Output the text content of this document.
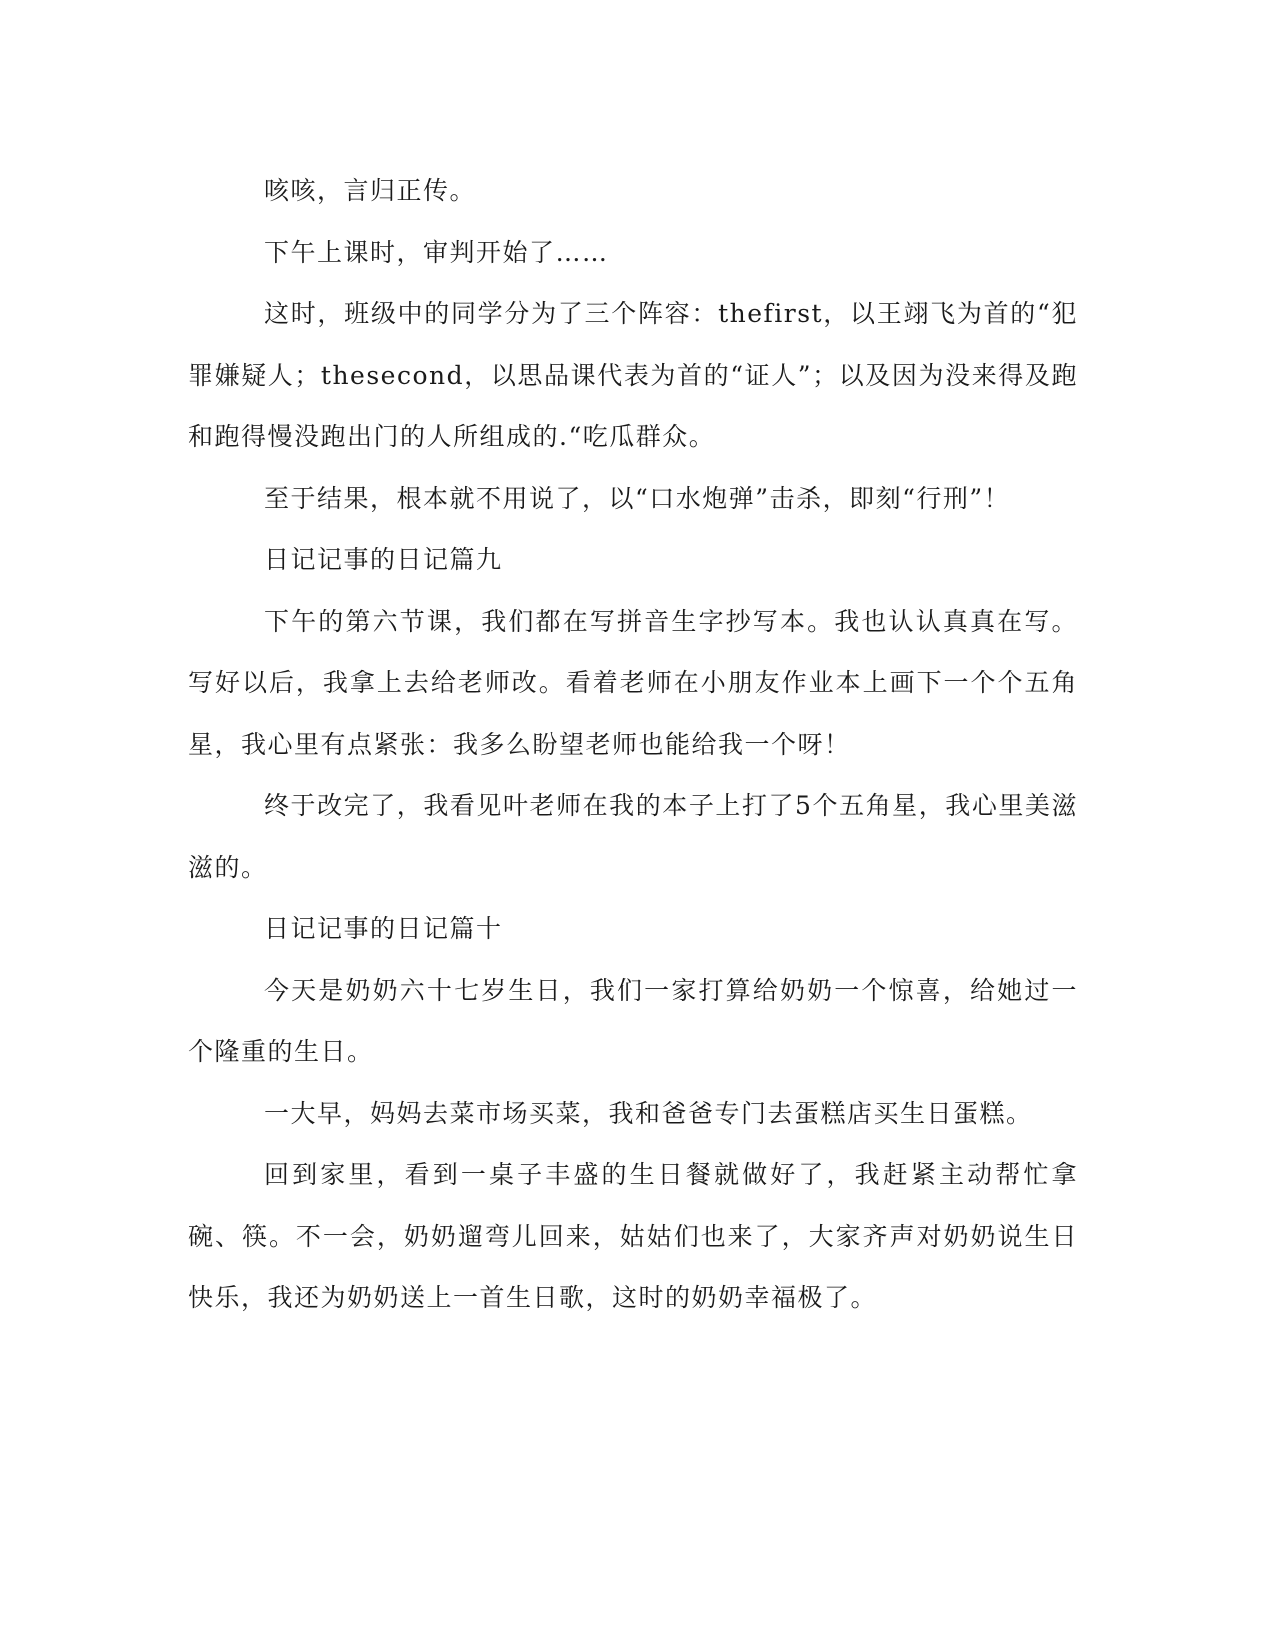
咳咳，言归正传。

下午上课时，审判开始了……

这时，班级中的同学分为了三个阵容：thefirst，以王翊飞为首的“犯罪嫌疑人；thesecond，以思品课代表为首的“证人”；以及因为没来得及跑和跑得慢没跑出门的人所组成的.“吃瓜群众。

至于结果，根本就不用说了，以“口水炮弹”击杀，即刻“行刑”！

日记记事的日记篇九

下午的第六节课，我们都在写拼音生字抄写本。我也认认真真在写。写好以后，我拿上去给老师改。看着老师在小朋友作业本上画下一个个五角星，我心里有点紧张：我多么盼望老师也能给我一个呀！

终于改完了，我看见叶老师在我的本子上打了5个五角星，我心里美滋滋的。

日记记事的日记篇十

今天是奶奶六十七岁生日，我们一家打算给奶奶一个惊喜，给她过一个隆重的生日。

一大早，妈妈去菜市场买菜，我和爸爸专门去蛋糕店买生日蛋糕。

回到家里，看到一桌子丰盛的生日餐就做好了，我赶紧主动帮忙拿碗、筷。不一会，奶奶遛弯儿回来，姑姑们也来了，大家齐声对奶奶说生日快乐，我还为奶奶送上一首生日歌，这时的奶奶幸福极了。
